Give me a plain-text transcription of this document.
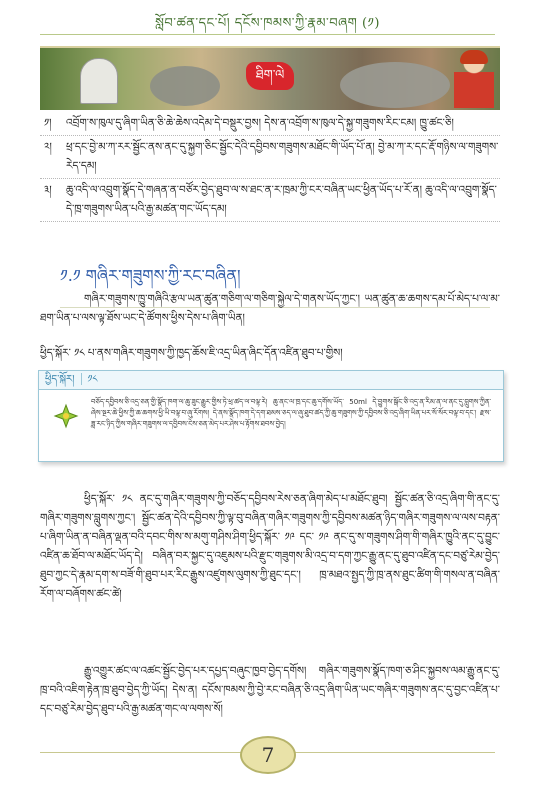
སློབ་ཚན་དང་པོ། དངོས་ཁམས་ཀྱི་རྣམ་བཞག (༡)
ཐིག་ལེ
༡། འབྲོག་ས་ཁུལ་དུ་ཞིག་ཡིན་ཅི་ཆེ་ཆེས་འདེམ་དེ་བསྡུར་བྱས། དེས་ན་འབྲོག་ས་ཁུལ་དེ་སྐྱ་གཟུགས་རིང་ངམ། ཁྱུ་ཚང་ཅི།
༢། ཕྲ་དང་བྱེ་མ་ཀ་རར་སྦྱོང་ནས་ནང་དུ་སྐྱག་ཅིང་སྦྱོང་དེའི་དབྱིབས་གཟུགས་མཐོང་གི་ཡོད་པོ་ན། བྱེ་མ་ཀ་ར་དང་རྡོ་གཉིས་ལ་གཟུགས་རེད་དམ།
༣། ཆུ་འདི་ལ་འབྲུག་སྣོད་དེ་གཞན་ན་བཙོར་བྱེད་ཐུབ་ལ་ས་ཐང་ན་ར་ཁྲམ་ཀྱི་ངར་བཞིན་ཡང་ཕྱིན་ཡོད་པ་རོ་ན། ཆུ་འདི་ལ་འབྲུག་སྣོད་དེ་ཁྲ་གཟུགས་ཡིན་པའི་རྒྱ་མཚན་གང་ཡོད་དམ།
༡.༡ གཞིར་གཟུགས་ཀྱི་རང་བཞིན།
གཞིར་གཟུགས་ཁྱུ་གཞིའི་རྩལ་ཡན་ཚུན་གཅིག་ལ་གཅིག་སྐྱེལ་དེ་གནས་ཡོད་ཀྱང་། ཡན་ཚུན་ཆ་ཆགས་དམ་པོ་མེད་པ་ལ་མ་ཐག་ཡིན་པ་ལས་ལྟ་ཐོས་ཡང་དེ་ཚོགས་ཕྱིས་དེས་པ་ཞིག་ཡིན།
ཕྱིད་སྐོར་ ༡༨ པ་ནས་གཞིར་གཟུགས་ཀྱི་ཁྱད་ཆོས་ཇི་འདྲ་ཡིན་ཞིང་དོན་འཛིན་ཐུབ་པ་གྱིས།
ཕྱིད་སྐོར། ༡༨
བཅོད་དབྱིབས་ཅི་འདྲ་ཅན་གྱི་སྣོད་ཁག་ལ་ཆུ་ཟུང་རྒྱུར་གྱིས་ཏེ་ཕྲ་ཚད་ལ་བལྟ་རེ། ཆུ་ནང་ལ་ཁྲ་དང་ཆུ་དགོས་ཡོད་ 50ml དེ་བྱུགས་སྒོང་ཅི་འདྲ་ན་རིམ་ན་ལ་ནང་དུ་བླུགས་ཀྱིན་ཞེས་སྔར་ཆེ་ཕྱིས་ཀྱི་ཆ་ཆགས་ཕྱི་ཡི་བལྟ་བ་ཞུ་རོགས། དེ་ནས་སྣོད་ཁག་དེ་དག་ཐམས་ཅད་ལ་ཞུ་ཐུབ་ཚད་ཀྱི་ཆུ་གཟུགས་ཀྱི་དབྱིབས་ཅི་འདྲ་ཞིག་ཡིན་པར་སོ་སོར་བལྟ་བ་དང་། རྫས་ཟླ་རང་ཉིད་ཀྱིས་གཞིར་གཟུགས་ལ་དབྱིབས་ངེས་ཅན་མེད་པར་ཤེས་པ་རྟོགས་ཐབས་བྱེད།
ཕྱིད་སྐོར་ ༡༨ ནང་དུ་གཞིར་གཟུགས་ཀྱི་བཅོད་དབྱིབས་རེས་ཅན་ཞིག་མེད་པ་མཐོང་ཐུབ། སྦྱོང་ཚན་ཅི་འདྲ་ཞིག་གི་ནང་དུ་གཞིར་གཟུགས་བླུགས་ཀྱང་། སྦྱོང་ཚན་དེའི་དབྱིབས་ཀྱི་ལྟ་བུ་བཞིན་གཞིར་གཟུགས་ཀྱི་དབྱིབས་མཚན་ཉིད་གཞིར་གཟུགས་ལ་ལས་བརྟན་པ་ཞིག་ཡིན་ན་བཞིན་ལྡན་བའི་དབང་གིས་ས་མགུ་གཤིས་ཤིག་ཕྱིད་སྐོར་ ༡༩ དང་ ༡༩ ནང་དུ་ས་གཟུགས་ཤིག་གི་གཞིར་ཁྱུའི་ནང་དུ་བྱུང་འཛིན་ཆ་ཐོབ་ལ་མཐོང་ཡོད་དེ། བཞིན་བར་སྐྱང་དུ་འཇུམས་པའི་རྫུང་གཟུགས་མི་འདྲ་བ་དག་ཀྱང་རྒྱུ་ནང་དུ་ཐུབ་འཛིན་དང་བཙུ་རེམ་བྱེད་ཐུབ་ཀྱང་དེ་རྣམ་དག་ས་བཟོ་གི་ཐུབ་པར་རིང་རྒྱུས་འཛུགས་ལུགས་ཀྱི་ཐུང་དང་། ཁྲ་མཐའ་སྤྱད་ཀྱི་ཁྲ་ནས་ཐུང་ཚིག་གི་གསལ་ན་བཞིན་རོག་ལ་བཞོགས་ཚང་ཚེ།
རྒྱུ་འགྱུར་ཚང་ལ་འཚང་སྦྱོང་བྱེད་པར་དཔྱད་བཞུང་ཁྱབ་བྱེད་དགོས། གཞིར་གཟུགས་སྣོད་ཁག་ཅ་ཤིང་སྐྱབས་ལམ་རྒྱུ་ནང་དུ་ཁྲ་བའི་འཇིག་རྟེན་ཁྲ་ཐུབ་བྱེད་ཀྱི་ཡོད། དེས་ན། དངོས་ཁམས་ཀྱི་བྱེ་རང་བཞིན་ཅི་འདྲ་ཞིག་ཡིན་ཡང་གཞིར་གཟུགས་ནང་དུ་བྱང་འཛིན་པ་དང་བཙུ་རེམ་བྱེད་ཐུབ་པའི་རྒྱ་མཚན་གང་ལ་ལགས་སོ།
7
